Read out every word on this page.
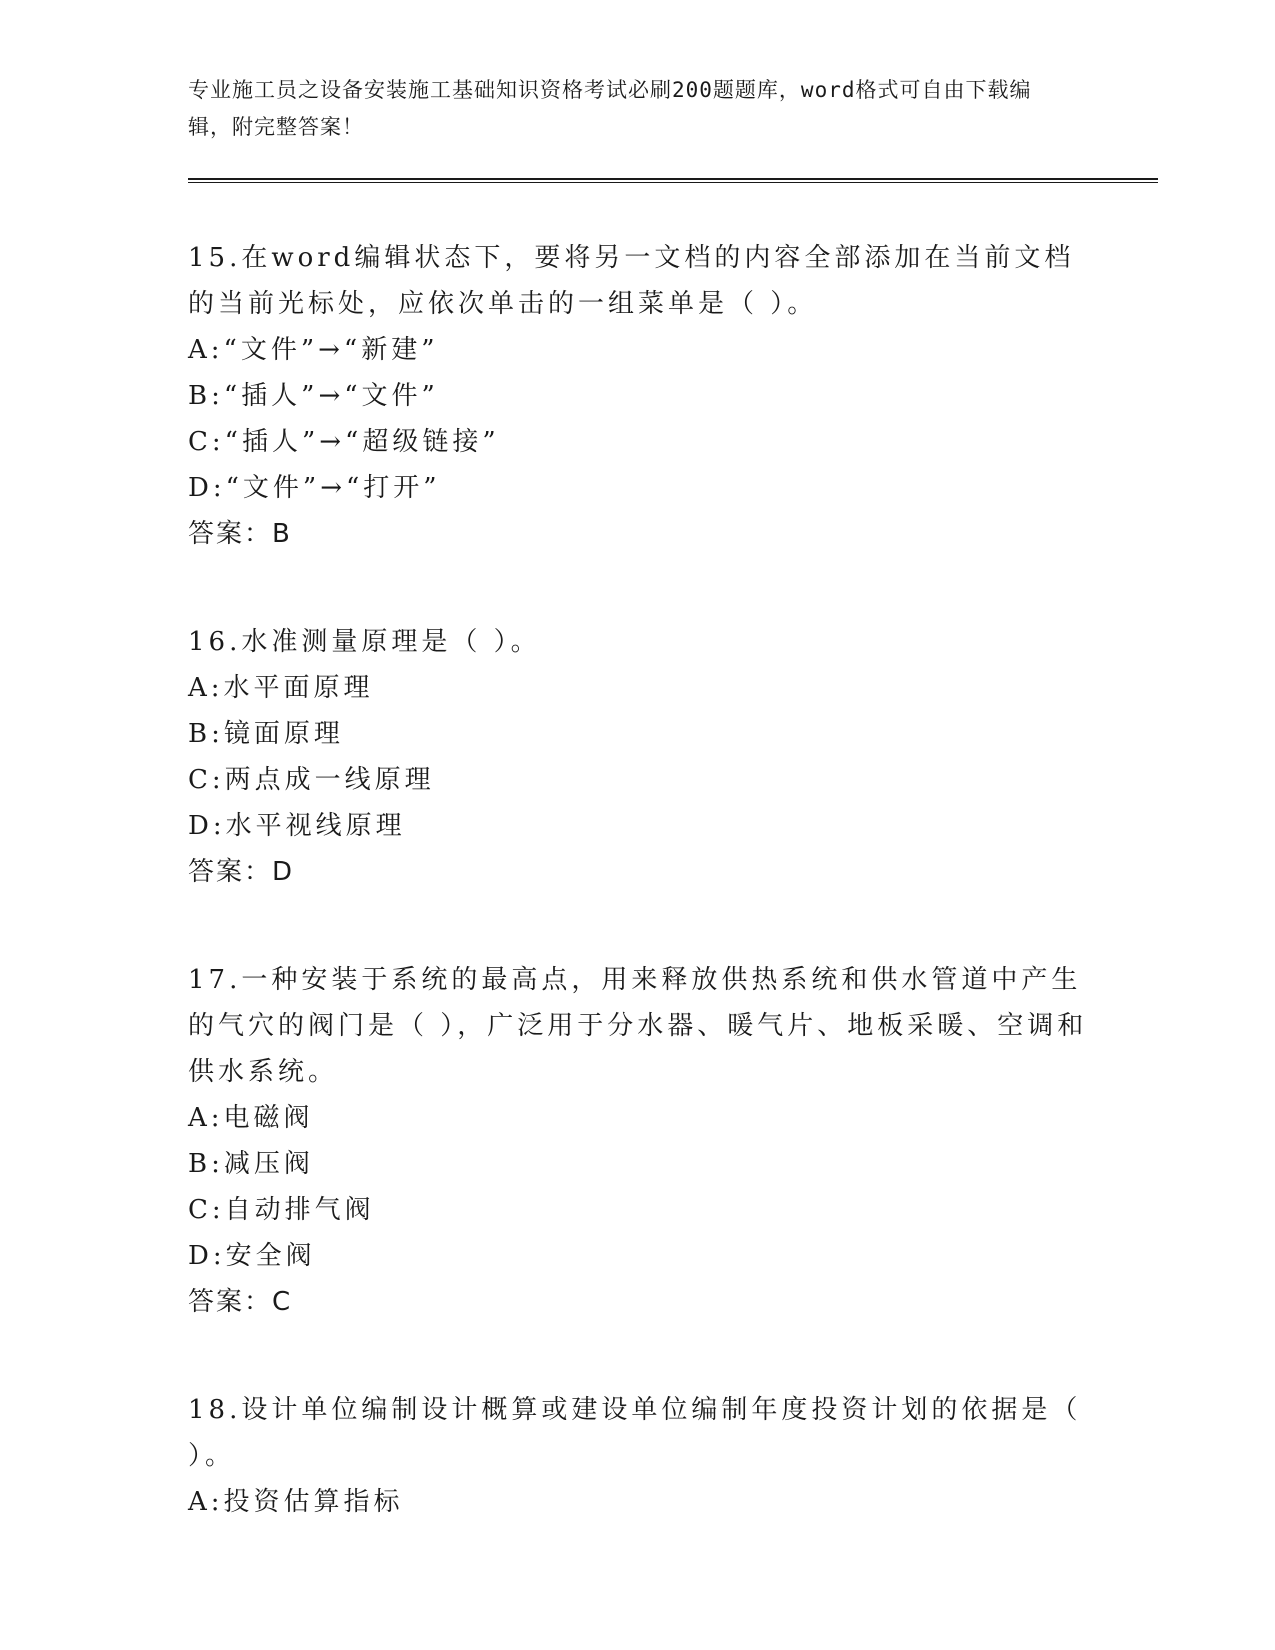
专业施工员之设备安装施工基础知识资格考试必刷200题题库，word格式可自由下载编辑，附完整答案！

15.在word编辑状态下，要将另一文档的内容全部添加在当前文档的当前光标处，应依次单击的一组菜单是（ ）。

A:“文件”→“新建”

B:“插人”→“文件”

C:“插人”→“超级链接”

D:“文件”→“打开”

答案：B

16.水准测量原理是（ ）。

A:水平面原理

B:镜面原理

C:两点成一线原理

D:水平视线原理

答案：D

17.一种安装于系统的最高点，用来释放供热系统和供水管道中产生的气穴的阀门是（ ），广泛用于分水器、暖气片、地板采暖、空调和供水系统。

A:电磁阀

B:减压阀

C:自动排气阀

D:安全阀

答案：C

18.设计单位编制设计概算或建设单位编制年度投资计划的依据是（ ）。

A:投资估算指标
